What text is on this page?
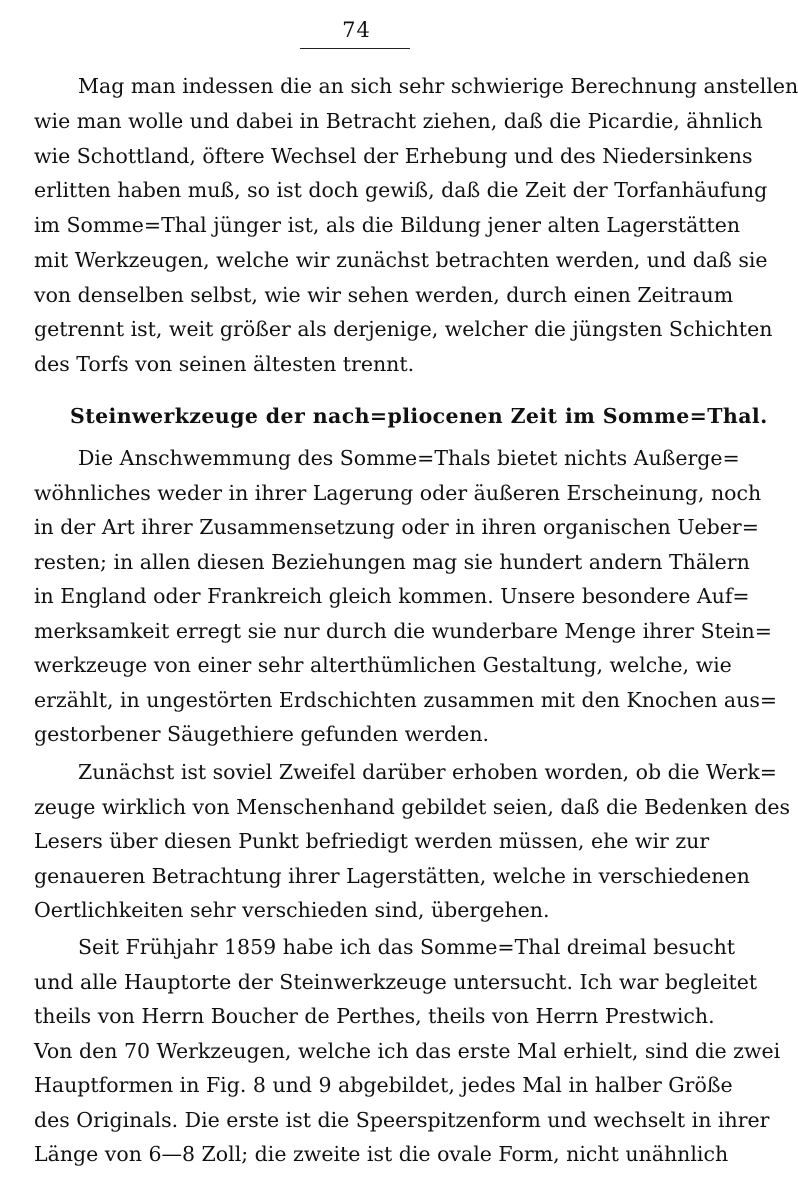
74
Mag man indessen die an sich sehr schwierige Berechnung anstellen
wie man wolle und dabei in Betracht ziehen, daß die Picardie, ähnlich
wie Schottland, öftere Wechsel der Erhebung und des Niedersinkens
erlitten haben muß, so ist doch gewiß, daß die Zeit der Torfanhäufung
im Somme=Thal jünger ist, als die Bildung jener alten Lagerstätten
mit Werkzeugen, welche wir zunächst betrachten werden, und daß sie
von denselben selbst, wie wir sehen werden, durch einen Zeitraum
getrennt ist, weit größer als derjenige, welcher die jüngsten Schichten
des Torfs von seinen ältesten trennt.
Steinwerkzeuge der nach=pliocenen Zeit im Somme=Thal.
Die Anschwemmung des Somme=Thals bietet nichts Außerge=
wöhnliches weder in ihrer Lagerung oder äußeren Erscheinung, noch
in der Art ihrer Zusammensetzung oder in ihren organischen Ueber=
resten; in allen diesen Beziehungen mag sie hundert andern Thälern
in England oder Frankreich gleich kommen. Unsere besondere Auf=
merksamkeit erregt sie nur durch die wunderbare Menge ihrer Stein=
werkzeuge von einer sehr alterthümlichen Gestaltung, welche, wie
erzählt, in ungestörten Erdschichten zusammen mit den Knochen aus=
gestorbener Säugethiere gefunden werden.
Zunächst ist soviel Zweifel darüber erhoben worden, ob die Werk=
zeuge wirklich von Menschenhand gebildet seien, daß die Bedenken des
Lesers über diesen Punkt befriedigt werden müssen, ehe wir zur
genaueren Betrachtung ihrer Lagerstätten, welche in verschiedenen
Oertlichkeiten sehr verschieden sind, übergehen.
Seit Frühjahr 1859 habe ich das Somme=Thal dreimal besucht
und alle Hauptorte der Steinwerkzeuge untersucht. Ich war begleitet
theils von Herrn Boucher de Perthes, theils von Herrn Prestwich.
Von den 70 Werkzeugen, welche ich das erste Mal erhielt, sind die zwei
Hauptformen in Fig. 8 und 9 abgebildet, jedes Mal in halber Größe
des Originals. Die erste ist die Speerspitzenform und wechselt in ihrer
Länge von 6—8 Zoll; die zweite ist die ovale Form, nicht unähnlich
